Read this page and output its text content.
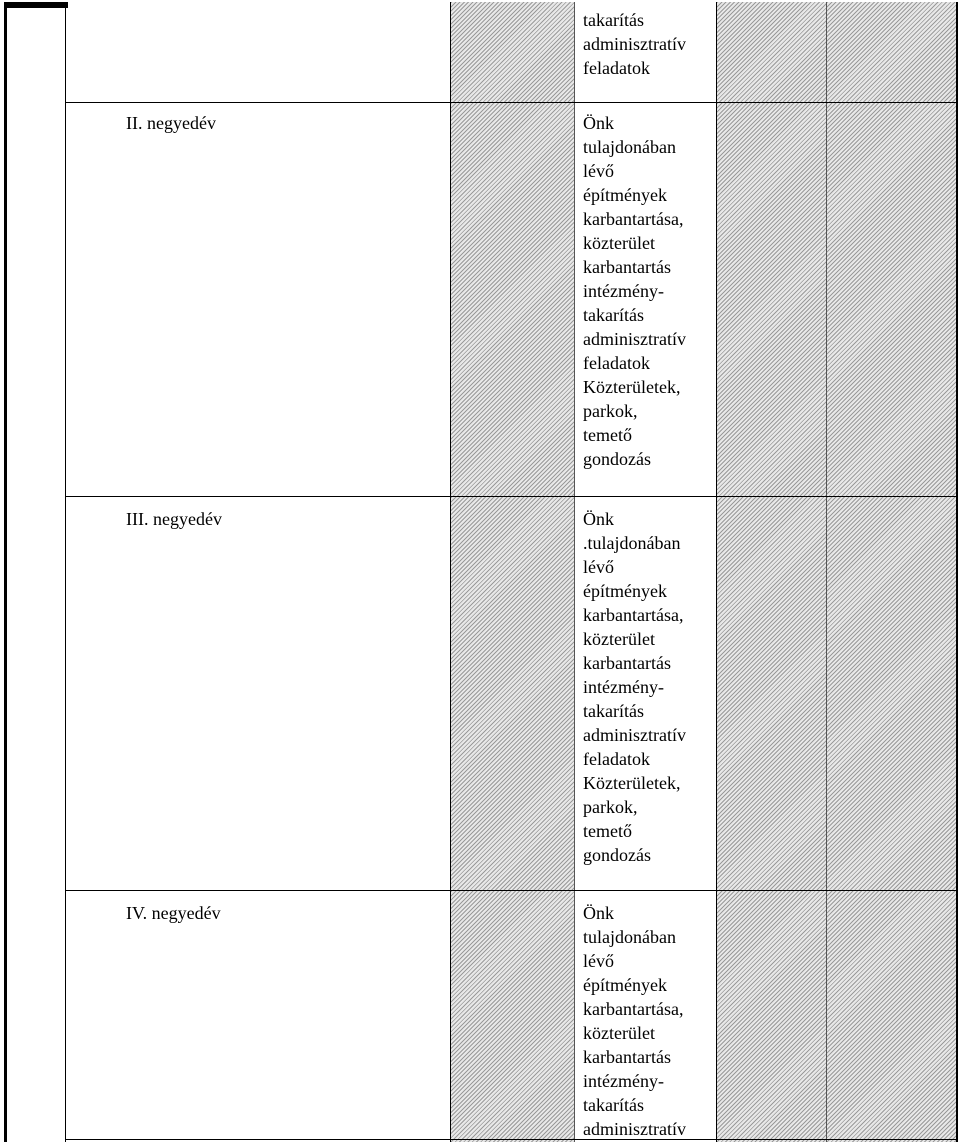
takarítás
adminisztratív
feladatok
II. negyedév	Önk
tulajdonában
lévő
építmények
karbantartása,
közterület
karbantartás
intézmény-
takarítás
adminisztratív
feladatok
Közterületek,
parkok,
temető
gondozás
III. negyedév	Önk
.tulajdonában
lévő
építmények
karbantartása,
közterület
karbantartás
intézmény-
takarítás
adminisztratív
feladatok
Közterületek,
parkok,
temető
gondozás
IV. negyedév	Önk
tulajdonában
lévő
építmények
karbantartása,
közterület
karbantartás
intézmény-
takarítás
adminisztratív
